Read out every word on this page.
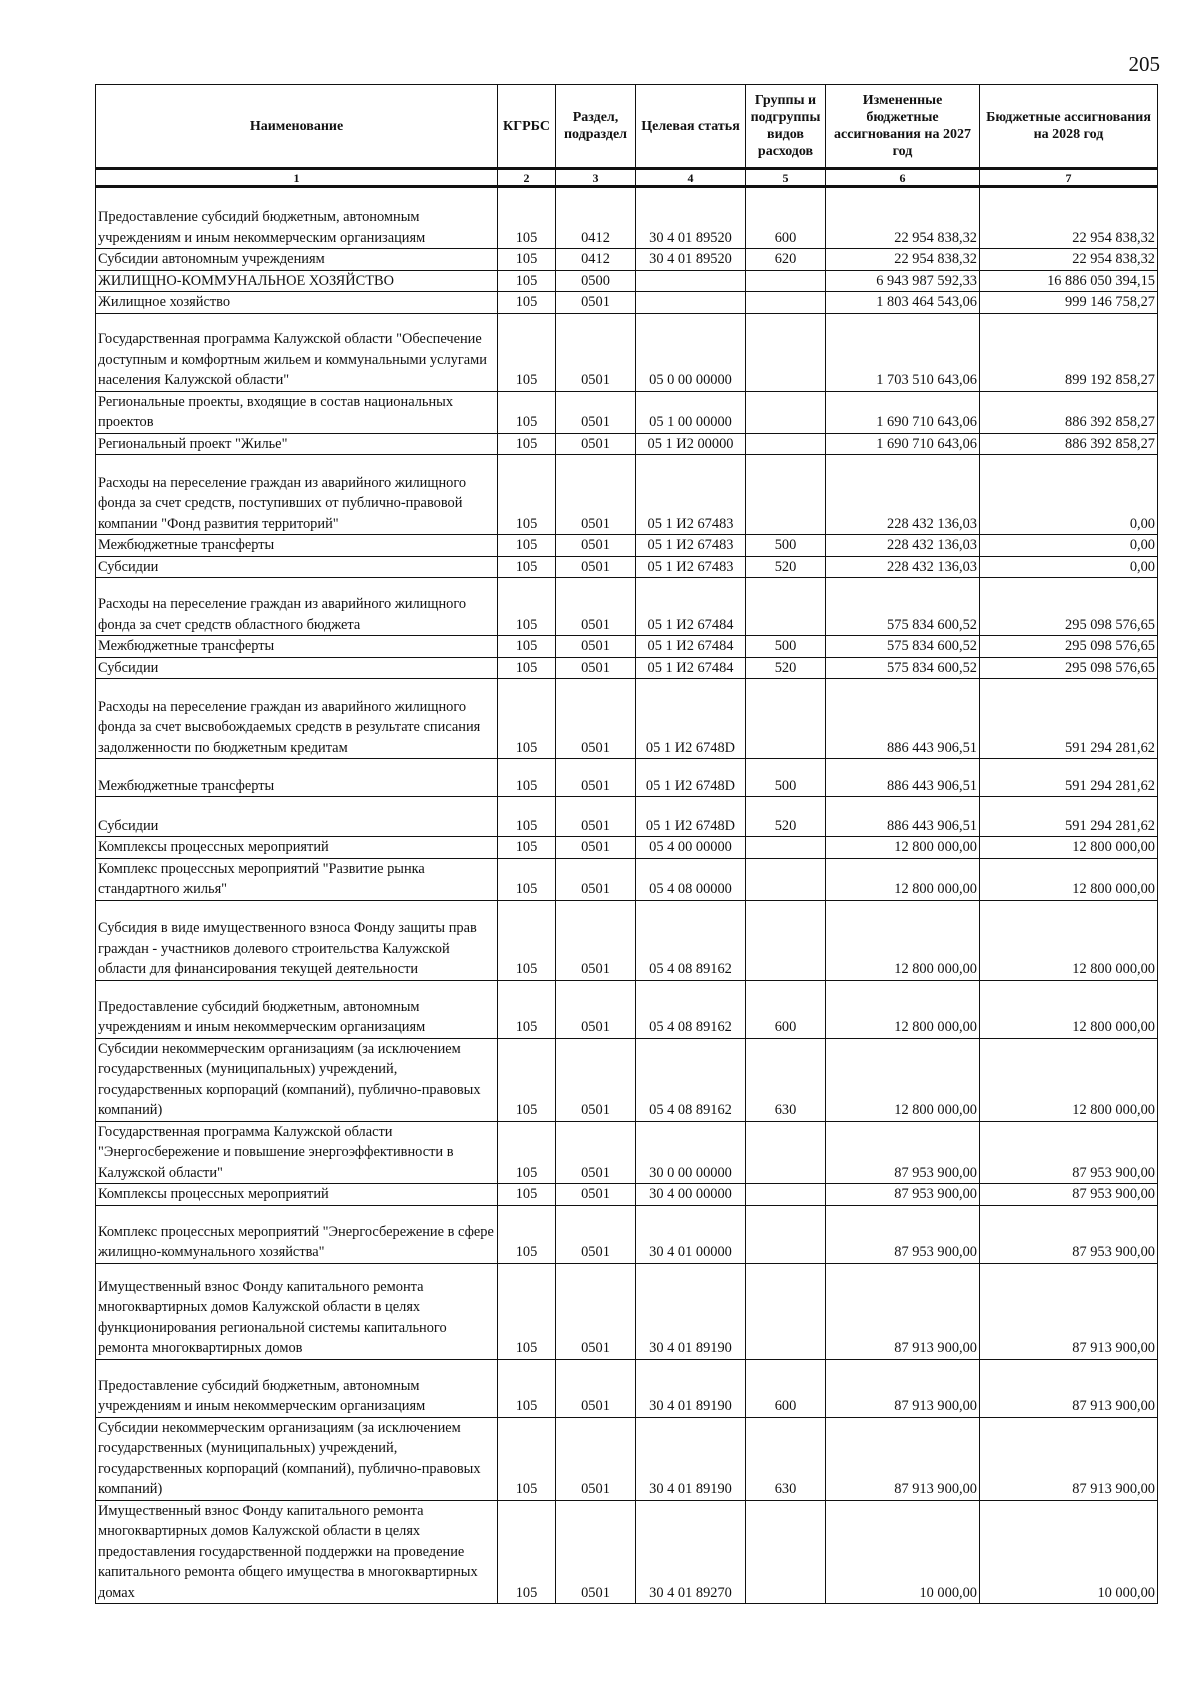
205
Наименование	КГРБС	Раздел, подраздел	Целевая статья	Группы и подгруппы видов расходов	Измененные бюджетные ассигнования на 2027 год	Бюджетные ассигнования на 2028 год
1	2	3	4	5	6	7
Предоставление субсидий бюджетным, автономным учреждениям и иным некоммерческим организациям	105	0412	30 4 01 89520	600	22 954 838,32	22 954 838,32
Субсидии автономным учреждениям	105	0412	30 4 01 89520	620	22 954 838,32	22 954 838,32
ЖИЛИЩНО-КОММУНАЛЬНОЕ ХОЗЯЙСТВО	105	0500			6 943 987 592,33	16 886 050 394,15
Жилищное хозяйство	105	0501			1 803 464 543,06	999 146 758,27
Государственная программа Калужской области "Обеспечение доступным и комфортным жильем и коммунальными услугами населения Калужской области"	105	0501	05 0 00 00000		1 703 510 643,06	899 192 858,27
Региональные проекты, входящие в состав национальных проектов	105	0501	05 1 00 00000		1 690 710 643,06	886 392 858,27
Региональный проект "Жилье"	105	0501	05 1 И2 00000		1 690 710 643,06	886 392 858,27
Расходы на переселение граждан из аварийного жилищного фонда за счет средств, поступивших от публично-правовой компании "Фонд развития территорий"	105	0501	05 1 И2 67483		228 432 136,03	0,00
Межбюджетные трансферты	105	0501	05 1 И2 67483	500	228 432 136,03	0,00
Субсидии	105	0501	05 1 И2 67483	520	228 432 136,03	0,00
Расходы на переселение граждан из аварийного жилищного фонда за счет средств областного бюджета	105	0501	05 1 И2 67484		575 834 600,52	295 098 576,65
Межбюджетные трансферты	105	0501	05 1 И2 67484	500	575 834 600,52	295 098 576,65
Субсидии	105	0501	05 1 И2 67484	520	575 834 600,52	295 098 576,65
Расходы на переселение граждан из аварийного жилищного фонда за счет высвобождаемых средств в результате списания задолженности по бюджетным кредитам	105	0501	05 1 И2 6748D		886 443 906,51	591 294 281,62
Межбюджетные трансферты	105	0501	05 1 И2 6748D	500	886 443 906,51	591 294 281,62
Субсидии	105	0501	05 1 И2 6748D	520	886 443 906,51	591 294 281,62
Комплексы процессных мероприятий	105	0501	05 4 00 00000		12 800 000,00	12 800 000,00
Комплекс процессных мероприятий "Развитие рынка стандартного жилья"	105	0501	05 4 08 00000		12 800 000,00	12 800 000,00
Субсидия в виде имущественного взноса Фонду защиты прав граждан - участников долевого строительства Калужской области для финансирования текущей деятельности	105	0501	05 4 08 89162		12 800 000,00	12 800 000,00
Предоставление субсидий бюджетным, автономным учреждениям и иным некоммерческим организациям	105	0501	05 4 08 89162	600	12 800 000,00	12 800 000,00
Субсидии некоммерческим организациям (за исключением государственных (муниципальных) учреждений, государственных корпораций (компаний), публично-правовых компаний)	105	0501	05 4 08 89162	630	12 800 000,00	12 800 000,00
Государственная программа Калужской области "Энергосбережение и повышение энергоэффективности в Калужской области"	105	0501	30 0 00 00000		87 953 900,00	87 953 900,00
Комплексы процессных мероприятий	105	0501	30 4 00 00000		87 953 900,00	87 953 900,00
Комплекс процессных мероприятий "Энергосбережение в сфере жилищно-коммунального хозяйства"	105	0501	30 4 01 00000		87 953 900,00	87 953 900,00
Имущественный взнос Фонду капитального ремонта многоквартирных домов Калужской области в целях функционирования региональной системы капитального ремонта многоквартирных домов	105	0501	30 4 01 89190		87 913 900,00	87 913 900,00
Предоставление субсидий бюджетным, автономным учреждениям и иным некоммерческим организациям	105	0501	30 4 01 89190	600	87 913 900,00	87 913 900,00
Субсидии некоммерческим организациям (за исключением государственных (муниципальных) учреждений, государственных корпораций (компаний), публично-правовых компаний)	105	0501	30 4 01 89190	630	87 913 900,00	87 913 900,00
Имущественный взнос Фонду капитального ремонта многоквартирных домов Калужской области в целях предоставления государственной поддержки на проведение капитального ремонта общего имущества в многоквартирных домах	105	0501	30 4 01 89270		10 000,00	10 000,00
